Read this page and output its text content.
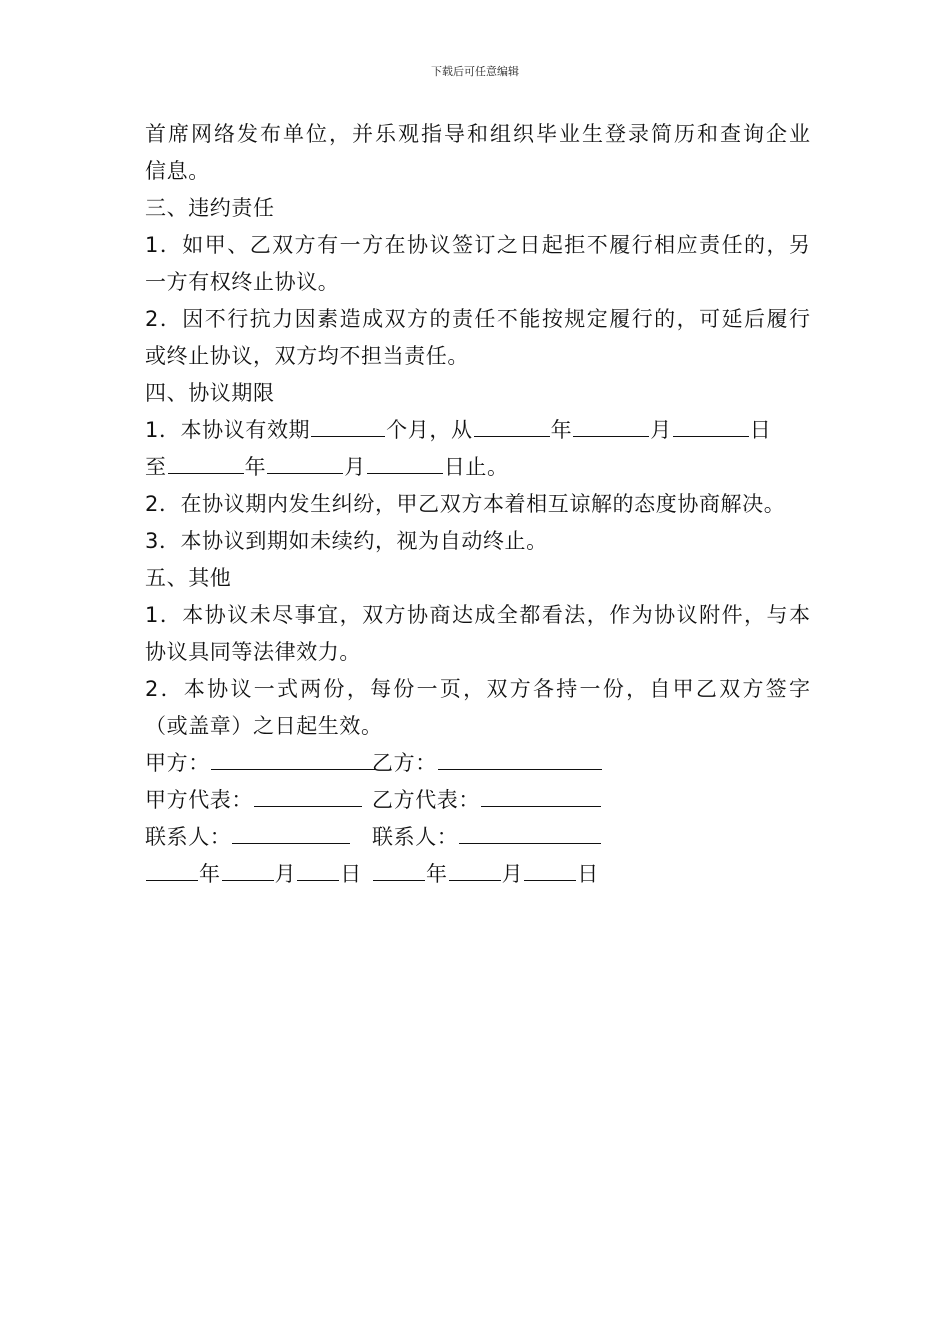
下载后可任意编辑
首席网络发布单位，并乐观指导和组织毕业生登录简历和查询企业
信息。
三、违约责任
1．如甲、乙双方有一方在协议签订之日起拒不履行相应责任的，另
一方有权终止协议。
2．因不行抗力因素造成双方的责任不能按规定履行的，可延后履行
或终止协议，双方均不担当责任。
四、协议期限
1．本协议有效期	个月，从	年	月	日
至	年	月	日止。
2．在协议期内发生纠纷，甲乙双方本着相互谅解的态度协商解决。
3．本协议到期如未续约，视为自动终止。
五、其他
1．本协议未尽事宜，双方协商达成全都看法，作为协议附件，与本
协议具同等法律效力。
2．本协议一式两份，每份一页，双方各持一份，自甲乙双方签字
（或盖章）之日起生效。
甲方：	乙方：
甲方代表：	乙方代表：
联系人：	联系人：
年	月 日	年	月	日
